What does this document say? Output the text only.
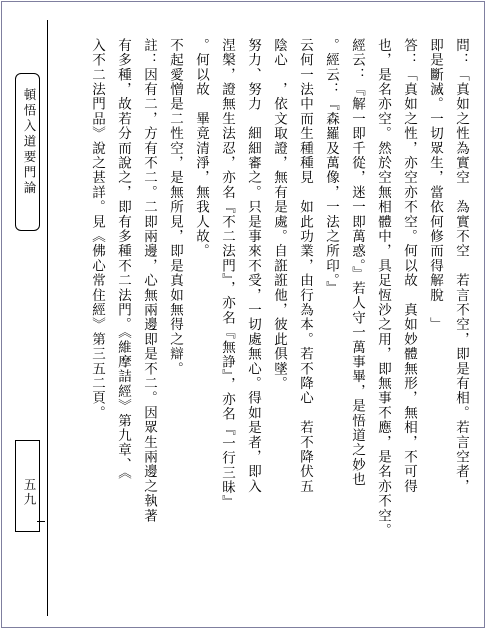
問：「真如之性為實空　為實不空　若言不空，即是有相。若言空者，
即是斷滅。一切眾生，當依何修而得解脫　」
答：「真如之性，亦空亦不空。何以故　真如妙體無形，無相，不可得
也，是名亦空。然於空無相體中，具足恆沙之用，即無事不應，是名亦不空。
經云：『解一即千從，迷一即萬惑。』若人守一萬事畢，是悟道之妙也
。經云：『森羅及萬像，一法之所印。』
云何一法中而生種種見　如此功業，由行為本。若不降心　若不降伏五
陰心　，依文取證，無有是處。自誑誑他，彼此俱墜。
努力、努力　細細審之。只是事來不受，一切處無心。得如是者，即入
涅槃，證無生法忍，亦名『不二法門』，亦名『無諍』，亦名『一行三昧』
。何以故　畢竟清淨，無我人故。
不起愛憎是二性空，是無所見，即是真如無得之辯。
註：因有二，方有不二。二即兩邊，心無兩邊即是不二。因眾生兩邊之執著
有多種，故若分而說之，即有多種不二法門。《維摩詰經》第九章、《
入不二法門品》說之甚詳。見《佛心常住經》第三五二頁。
頓悟入道要門論
五九
